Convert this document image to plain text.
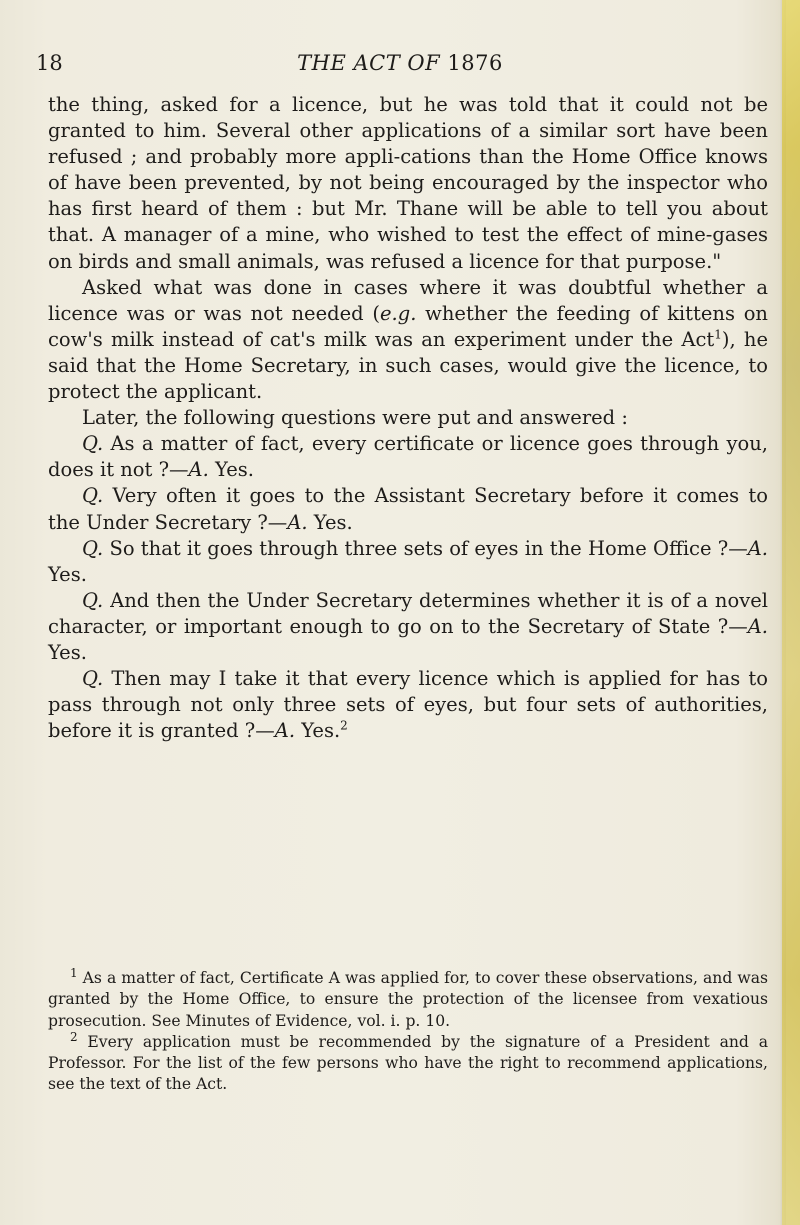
18	THE ACT OF 1876

the thing, asked for a licence, but he was told that it could not be granted to him. Several other applications of a similar sort have been refused ; and probably more appli-cations than the Home Office knows of have been prevented, by not being encouraged by the inspector who has first heard of them : but Mr. Thane will be able to tell you about that. A manager of a mine, who wished to test the effect of mine-gases on birds and small animals, was refused a licence for that purpose."

Asked what was done in cases where it was doubtful whether a licence was or was not needed (e.g. whether the feeding of kittens on cow's milk instead of cat's milk was an experiment under the Act$^1$), he said that the Home Secretary, in such cases, would give the licence, to protect the applicant.

Later, the following questions were put and answered :

Q. As a matter of fact, every certificate or licence goes through you, does it not ?—A. Yes.

Q. Very often it goes to the Assistant Secretary before it comes to the Under Secretary ?—A. Yes.

Q. So that it goes through three sets of eyes in the Home Office ?—A. Yes.

Q. And then the Under Secretary determines whether it is of a novel character, or important enough to go on to the Secretary of State ?—A. Yes.

Q. Then may I take it that every licence which is applied for has to pass through not only three sets of eyes, but four sets of authorities, before it is granted ?—A. Yes.$^2$

$^1$ As a matter of fact, Certificate A was applied for, to cover these observations, and was granted by the Home Office, to ensure the protection of the licensee from vexatious prosecution. See Minutes of Evidence, vol. i. p. 10.

$^2$ Every application must be recommended by the signature of a President and a Professor. For the list of the few persons who have the right to recommend applications, see the text of the Act.
